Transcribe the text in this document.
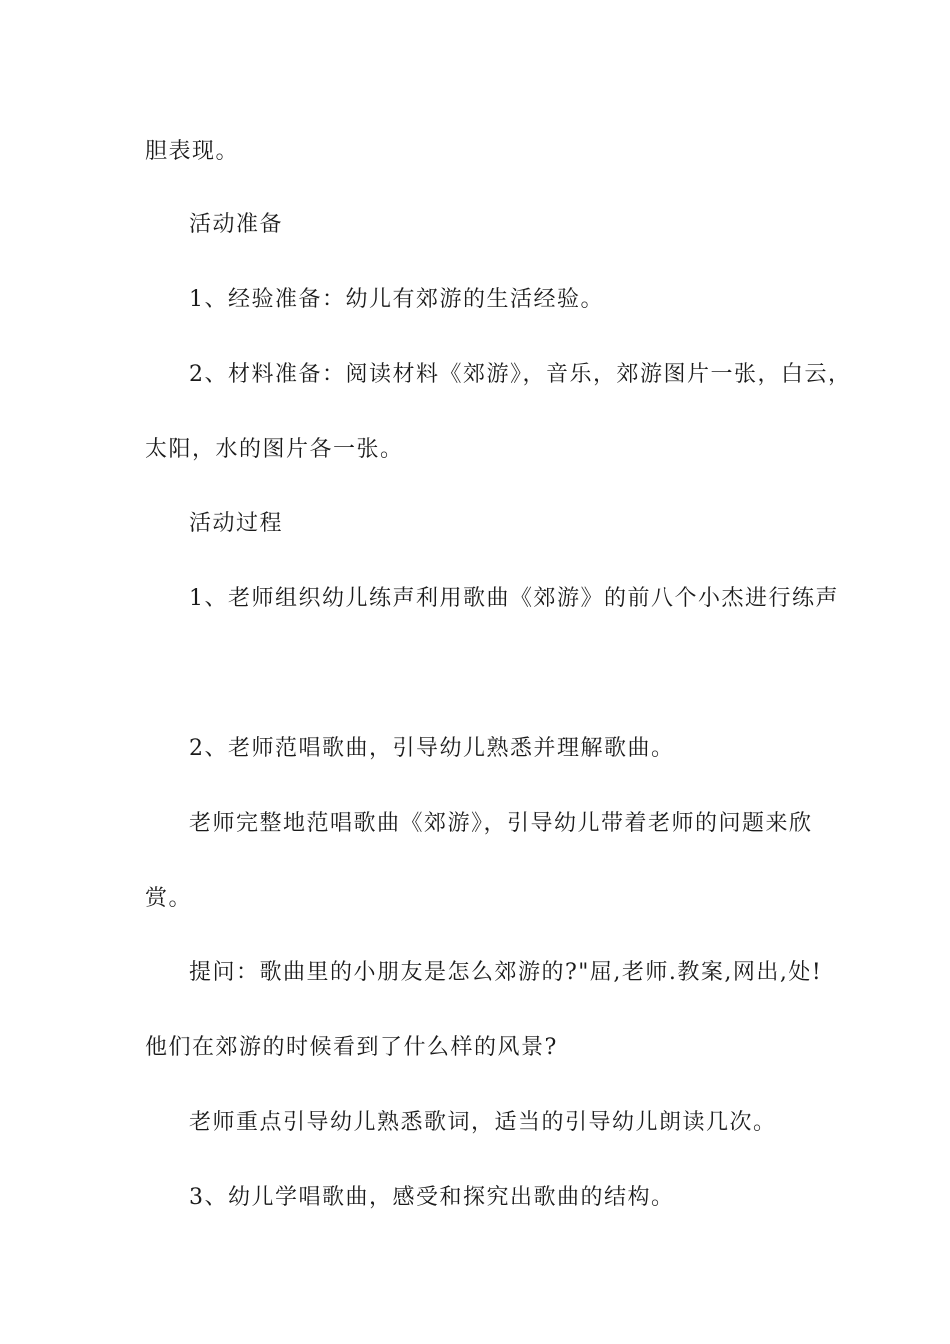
胆表现。
活动准备
1、经验准备：幼儿有郊游的生活经验。
2、材料准备：阅读材料《郊游》，音乐，郊游图片一张，白云，
太阳，水的图片各一张。
活动过程
1、老师组织幼儿练声利用歌曲《郊游》的前八个小杰进行练声
2、老师范唱歌曲，引导幼儿熟悉并理解歌曲。
老师完整地范唱歌曲《郊游》，引导幼儿带着老师的问题来欣
赏。
提问：歌曲里的小朋友是怎么郊游的?"屈,老师.教案,网出,处!
他们在郊游的时候看到了什么样的风景?
老师重点引导幼儿熟悉歌词，适当的引导幼儿朗读几次。
3、幼儿学唱歌曲，感受和探究出歌曲的结构。
